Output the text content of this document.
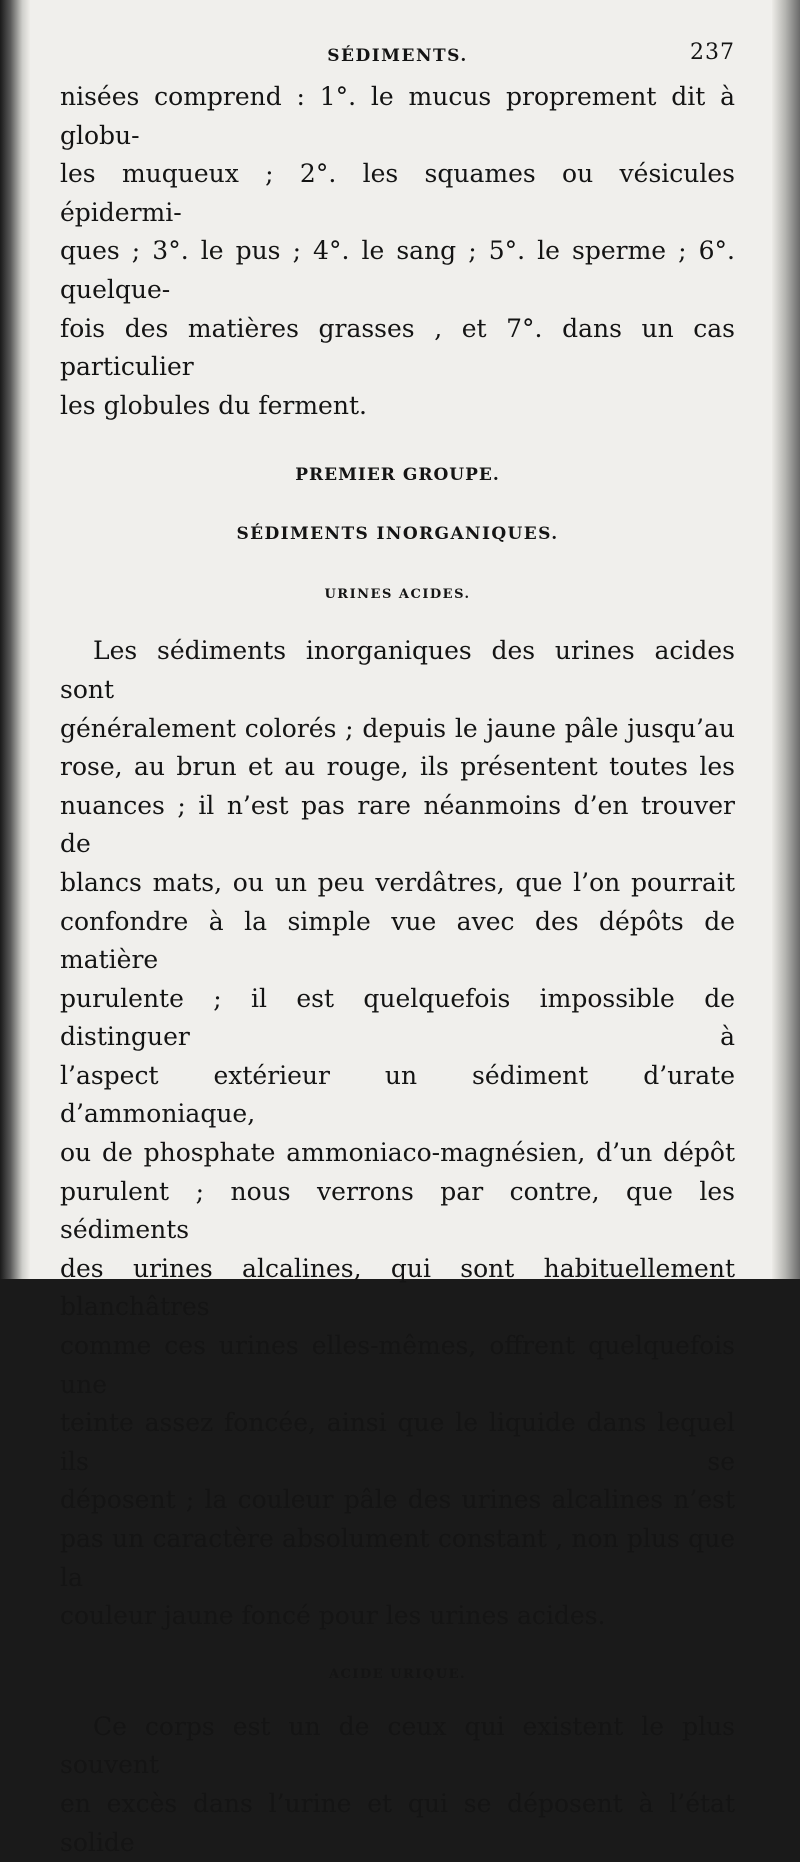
SÉDIMENTS.	237

nisées comprend : 1°. le mucus proprement dit à globu-
les muqueux ; 2°. les squames ou vésicules épidermi-
ques ; 3°. le pus ; 4°. le sang ; 5°. le sperme ; 6°. quelque-
fois des matières grasses , et 7°. dans un cas particulier
les globules du ferment.

PREMIER GROUPE.
SÉDIMENTS INORGANIQUES.
URINES ACIDES.

Les sédiments inorganiques des urines acides sont
généralement colorés ; depuis le jaune pâle jusqu’au
rose, au brun et au rouge, ils présentent toutes les
nuances ; il n’est pas rare néanmoins d’en trouver de
blancs mats, ou un peu verdâtres, que l’on pourrait
confondre à la simple vue avec des dépôts de matière
purulente ; il est quelquefois impossible de distinguer à
l’aspect extérieur un sédiment d’urate d’ammoniaque,
ou de phosphate ammoniaco-magnésien, d’un dépôt
purulent ; nous verrons par contre, que les sédiments
des urines alcalines, qui sont habituellement blanchâtres
comme ces urines elles-mêmes, offrent quelquefois une
teinte assez foncée, ainsi que le liquide dans lequel ils se
déposent ; la couleur pâle des urines alcalines n’est
pas un caractère absolument constant , non plus que la
couleur jaune foncé pour les urines acides.

ACIDE URIQUE.

Ce corps est un de ceux qui existent le plus souvent
en excès dans l’urine et qui se déposent à l’état solide
